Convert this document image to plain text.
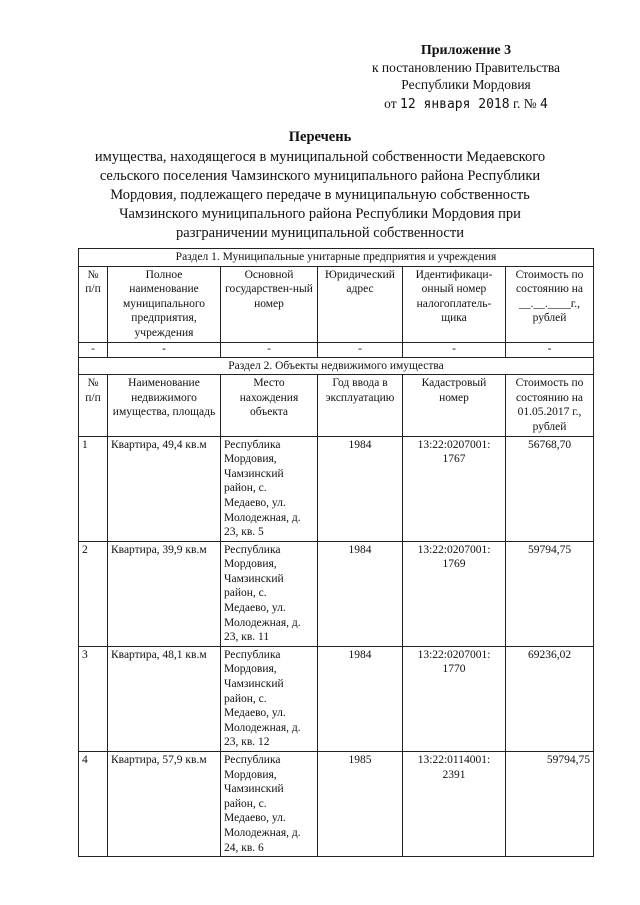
Приложение 3
к постановлению Правительства
Республики Мордовия
от 12 января 2018 г. № 4
Перечень
имущества, находящегося в муниципальной собственности Медаевского
сельского поселения Чамзинского муниципального района Республики
Мордовия, подлежащего передаче в муниципальную собственность
Чамзинского муниципального района Республики Мордовия при
разграничении муниципальной собственности
Раздел 1. Муниципальные унитарные предприятия и учреждения					
№ п/п	Полное наименование муниципального предприятия, учреждения	Основной государствен-ный номер	Юридический адрес	Идентификаци-онный номер налогоплатель-щика	Стоимость по состоянию на __.__.____г., рублей
-	-	-	-	-	-
Раздел 2. Объекты недвижимого имущества					
№ п/п	Наименование недвижимого имущества, площадь	Место нахождения объекта	Год ввода в эксплуатацию	Кадастровый номер	Стоимость по состоянию на 01.05.2017 г., рублей
1	Квартира, 49,4 кв.м	Республика Мордовия, Чамзинский район, с. Медаево, ул. Молодежная, д. 23, кв. 5	1984	13:22:0207001: 1767	56768,70
2	Квартира, 39,9 кв.м	Республика Мордовия, Чамзинский район, с. Медаево, ул. Молодежная, д. 23, кв. 11	1984	13:22:0207001: 1769	59794,75
3	Квартира, 48,1 кв.м	Республика Мордовия, Чамзинский район, с. Медаево, ул. Молодежная, д. 23, кв. 12	1984	13:22:0207001: 1770	69236,02
4	Квартира, 57,9 кв.м	Республика Мордовия, Чамзинский район, с. Медаево, ул. Молодежная, д. 24, кв. 6	1985	13:22:0114001: 2391	59794,75
